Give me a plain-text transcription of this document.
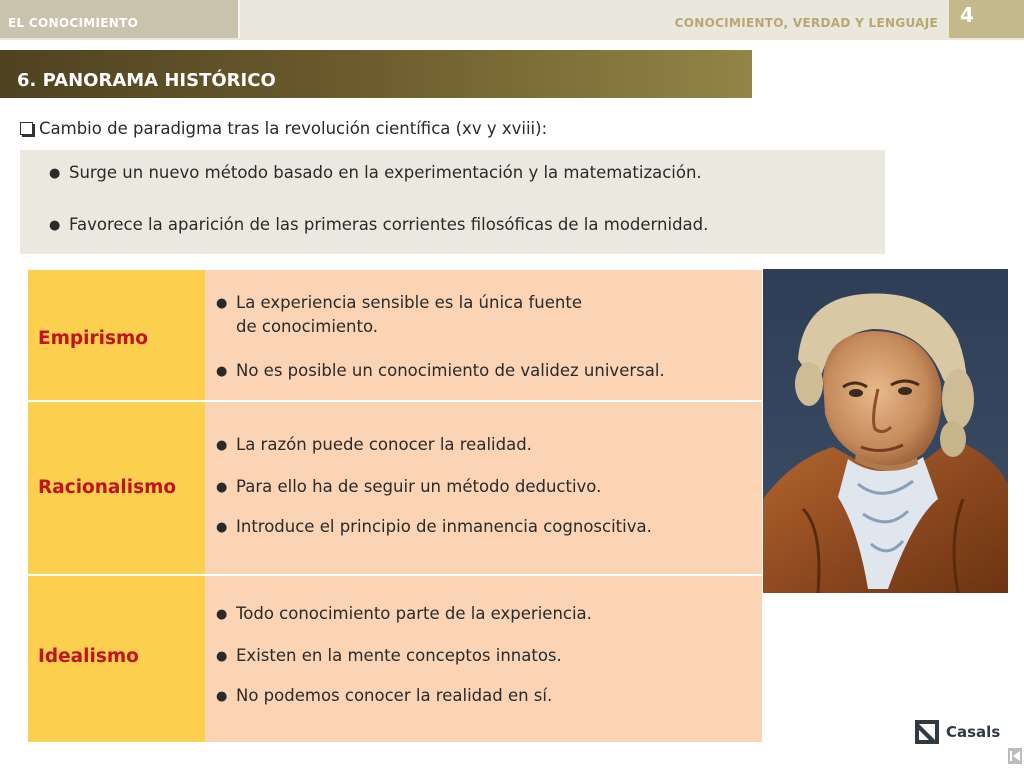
EL CONOCIMIENTO	CONOCIMIENTO, VERDAD Y LENGUAJE 4
6. PANORAMA HISTÓRICO
Cambio de paradigma tras la revolución científica (xv y xviii):
● Surge un nuevo método basado en la experimentación y la matematización.
● Favorece la aparición de las primeras corrientes filosóficas de la modernidad.
Empirismo
● La experiencia sensible es la única fuente
de conocimiento.
● No es posible un conocimiento de validez universal.
Racionalismo
● La razón puede conocer la realidad.
● Para ello ha de seguir un método deductivo.
● Introduce el principio de inmanencia cognoscitiva.
Idealismo
● Todo conocimiento parte de la experiencia.
● Existen en la mente conceptos innatos.
● No podemos conocer la realidad en sí.
Casals
